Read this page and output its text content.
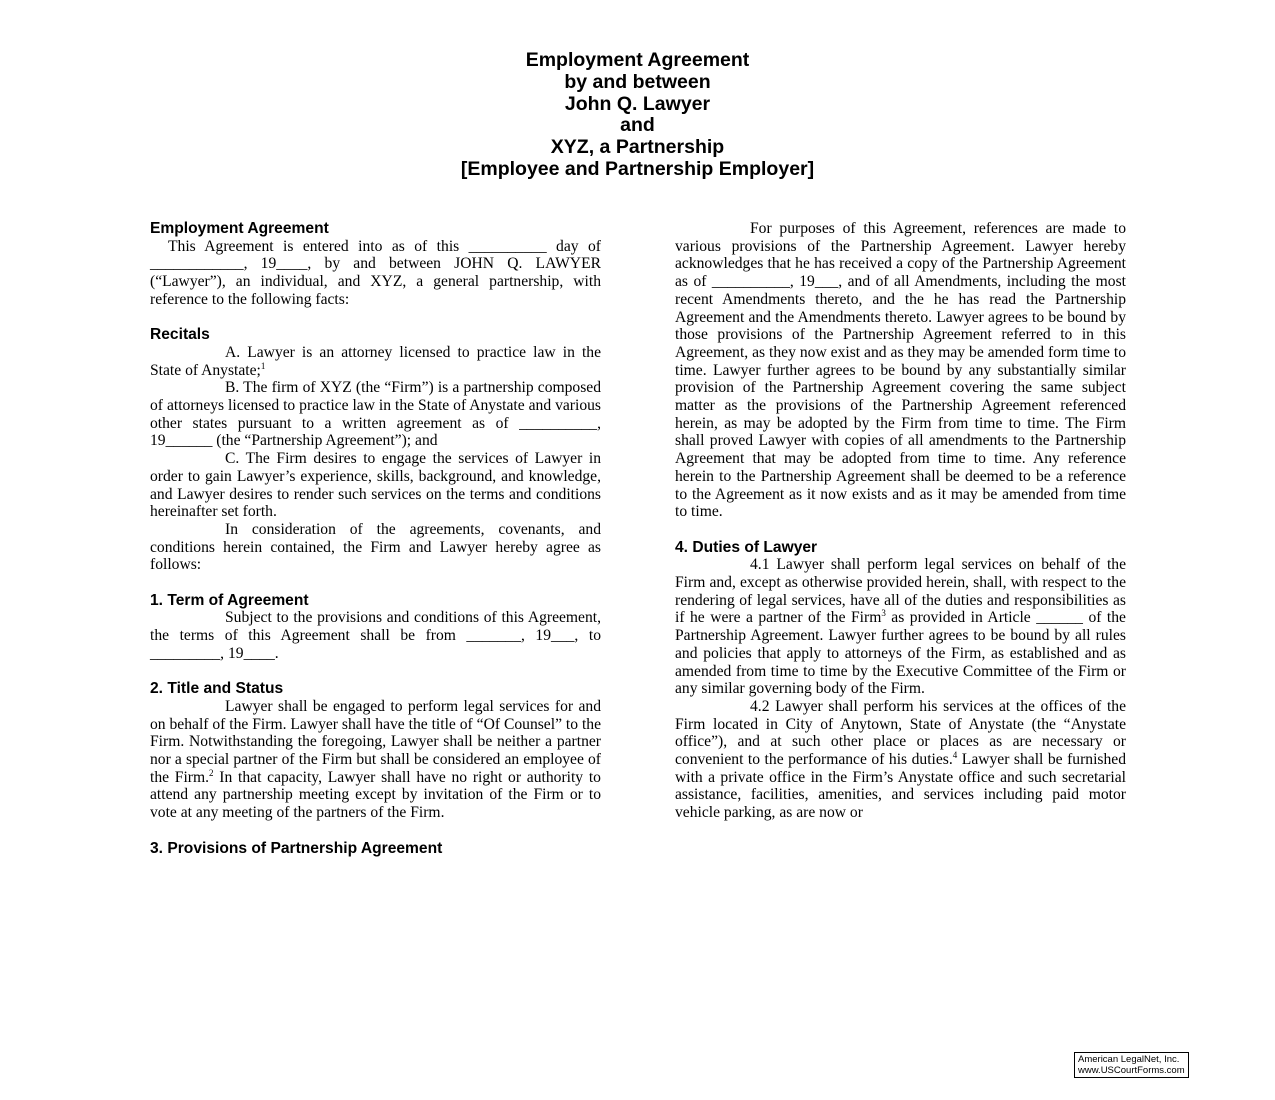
Employment Agreement
by and between
John Q. Lawyer
and
XYZ, a Partnership
[Employee and Partnership Employer]

Employment Agreement

This Agreement is entered into as of this __________ day of ____________, 19____, by and between JOHN Q. LAWYER (“Lawyer”), an individual, and XYZ, a general partnership, with reference to the following facts:

Recitals

A. Lawyer is an attorney licensed to practice law in the State of Anystate;$^1$

B. The firm of XYZ (the “Firm”) is a partnership composed of attorneys licensed to practice law in the State of Anystate and various other states pursuant to a written agreement as of __________, 19______ (the “Partnership Agreement”); and

C. The Firm desires to engage the services of Lawyer in order to gain Lawyer’s experience, skills, background, and knowledge, and Lawyer desires to render such services on the terms and conditions hereinafter set forth.

In consideration of the agreements, covenants, and conditions herein contained, the Firm and Lawyer hereby agree as follows:

1. Term of Agreement

Subject to the provisions and conditions of this Agreement, the terms of this Agreement shall be from _______, 19___, to _________, 19____.

2. Title and Status

Lawyer shall be engaged to perform legal services for and on behalf of the Firm. Lawyer shall have the title of “Of Counsel” to the Firm. Notwithstanding the foregoing, Lawyer shall be neither a partner nor a special partner of the Firm but shall be considered an employee of the Firm.$^2$ In that capacity, Lawyer shall have no right or authority to attend any partnership meeting except by invitation of the Firm or to vote at any meeting of the partners of the Firm.

3. Provisions of Partnership Agreement

For purposes of this Agreement, references are made to various provisions of the Partnership Agreement. Lawyer hereby acknowledges that he has received a copy of the Partnership Agreement as of __________, 19___, and of all Amendments, including the most recent Amendments thereto, and the he has read the Partnership Agreement and the Amendments thereto. Lawyer agrees to be bound by those provisions of the Partnership Agreement referred to in this Agreement, as they now exist and as they may be amended form time to time. Lawyer further agrees to be bound by any substantially similar provision of the Partnership Agreement covering the same subject matter as the provisions of the Partnership Agreement referenced herein, as may be adopted by the Firm from time to time. The Firm shall proved Lawyer with copies of all amendments to the Partnership Agreement that may be adopted from time to time. Any reference herein to the Partnership Agreement shall be deemed to be a reference to the Agreement as it now exists and as it may be amended from time to time.

4. Duties of Lawyer

4.1 Lawyer shall perform legal services on behalf of the Firm and, except as otherwise provided herein, shall, with respect to the rendering of legal services, have all of the duties and responsibilities as if he were a partner of the Firm$^3$ as provided in Article ______ of the Partnership Agreement. Lawyer further agrees to be bound by all rules and policies that apply to attorneys of the Firm, as established and as amended from time to time by the Executive Committee of the Firm or any similar governing body of the Firm.

4.2 Lawyer shall perform his services at the offices of the Firm located in City of Anytown, State of Anystate (the “Anystate office”), and at such other place or places as are necessary or convenient to the performance of his duties.$^4$ Lawyer shall be furnished with a private office in the Firm’s Anystate office and such secretarial assistance, facilities, amenities, and services including paid motor vehicle parking, as are now or

American LegalNet, Inc.
www.USCourtForms.com
